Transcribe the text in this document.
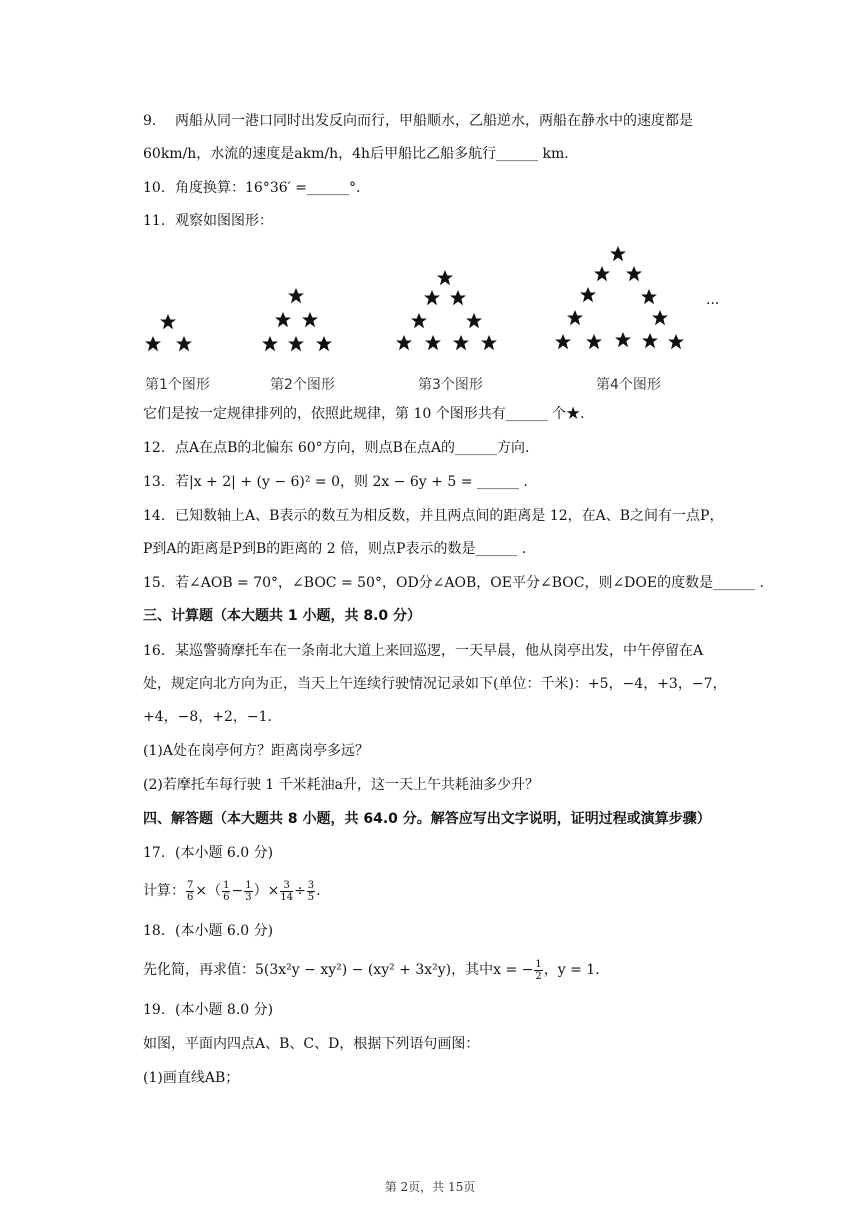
9. 两船从同一港口同时出发反向而行，甲船顺水，乙船逆水，两船在静水中的速度都是
60km/h，水流的速度是akm/h，4h后甲船比乙船多航行______ km.
10. 角度换算：16°36′ =______°.
11. 观察如图图形：
···
第1个图形	第2个图形	第3个图形	第4个图形
它们是按一定规律排列的，依照此规律，第 10 个图形共有______ 个★.
12. 点A在点B的北偏东 60°方向，则点B在点A的______方向.
13. 若|x + 2| + (y − 6)² = 0，则 2x − 6y + 5 = ______ .
14. 已知数轴上A、B表示的数互为相反数，并且两点间的距离是 12，在A、B之间有一点P，
P到A的距离是P到B的距离的 2 倍，则点P表示的数是______ .
15. 若∠AOB = 70°，∠BOC = 50°，OD分∠AOB，OE平分∠BOC，则∠DOE的度数是______ .
三、计算题（本大题共 1 小题，共 8.0 分）
16. 某巡警骑摩托车在一条南北大道上来回巡逻，一天早晨，他从岗亭出发，中午停留在A
处，规定向北方向为正，当天上午连续行驶情况记录如下(单位：千米)：+5，−4，+3，−7，
+4，−8，+2，−1.
(1)A处在岗亭何方？距离岗亭多远？
(2)若摩托车每行驶 1 千米耗油a升，这一天上午共耗油多少升？
四、解答题（本大题共 8 小题，共 64.0 分。解答应写出文字说明，证明过程或演算步骤）
17. (本小题 6.0 分)
计算： $\frac{7}{6}$ ×（ $\frac{1}{6} - \frac{1}{3}$ ）× $\frac{3}{14} \div \frac{3}{5}$ .
18. (本小题 6.0 分)
先化简，再求值：5(3x²y − xy²) − (xy² + 3x²y)，其中x = − $\frac{1}{2}$ ，y = 1.
19. (本小题 8.0 分)
如图，平面内四点A、B、C、D，根据下列语句画图：
(1)画直线AB；
第 2页，共 15页
